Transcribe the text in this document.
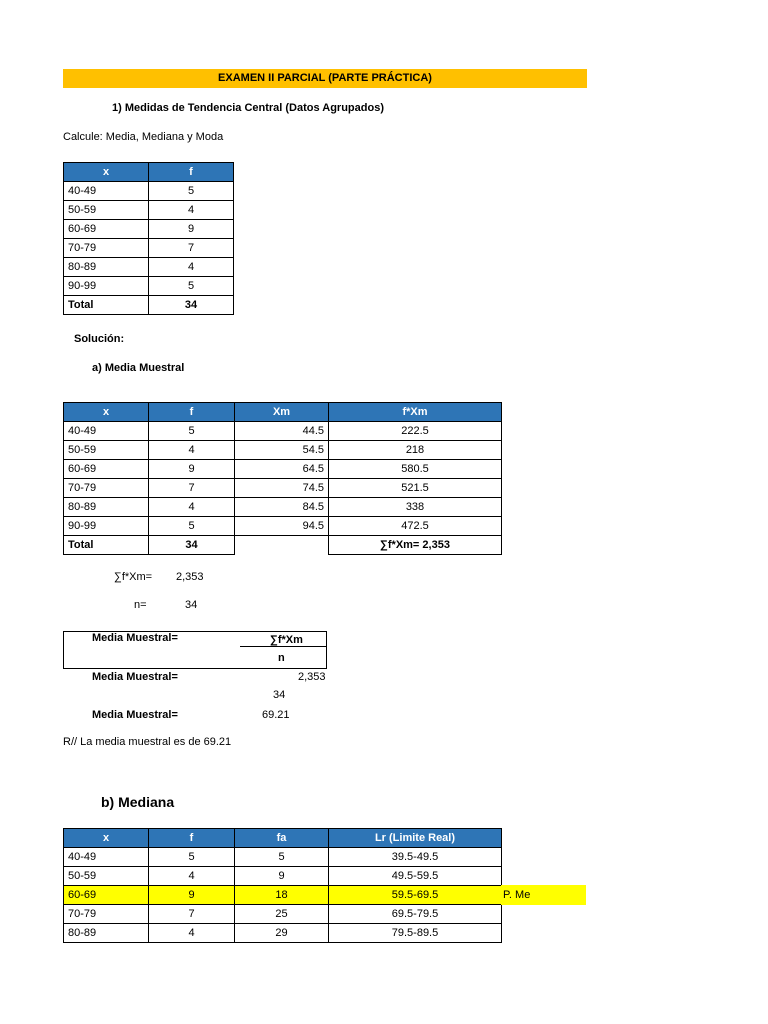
EXAMEN II PARCIAL (PARTE PRÁCTICA)
1) Medidas de Tendencia Central (Datos Agrupados)
Calcule: Media, Mediana y Moda
x	f
40-49	5
50-59	4
60-69	9
70-79	7
80-89	4
90-99	5
Total	34
Solución:
a) Media Muestral
x	f	Xm	f*Xm
40-49	5	44.5	222.5
50-59	4	54.5	218
60-69	9	64.5	580.5
70-79	7	74.5	521.5
80-89	4	84.5	338
90-99	5	94.5	472.5
Total	34		∑f*Xm= 2,353
∑f*Xm= 2,353
n=	34
Media Muestral=	∑f*Xm
n
Media Muestral=	2,353
34
Media Muestral=	69.21
R// La media muestral es de 69.21
b) Mediana
x	f	fa	Lr (Limite Real)
40-49	5	5	39.5-49.5
50-59	4	9	49.5-59.5
60-69	9	18	59.5-69.5
70-79	7	25	69.5-79.5
80-89	4	29	79.5-89.5
P. Me
